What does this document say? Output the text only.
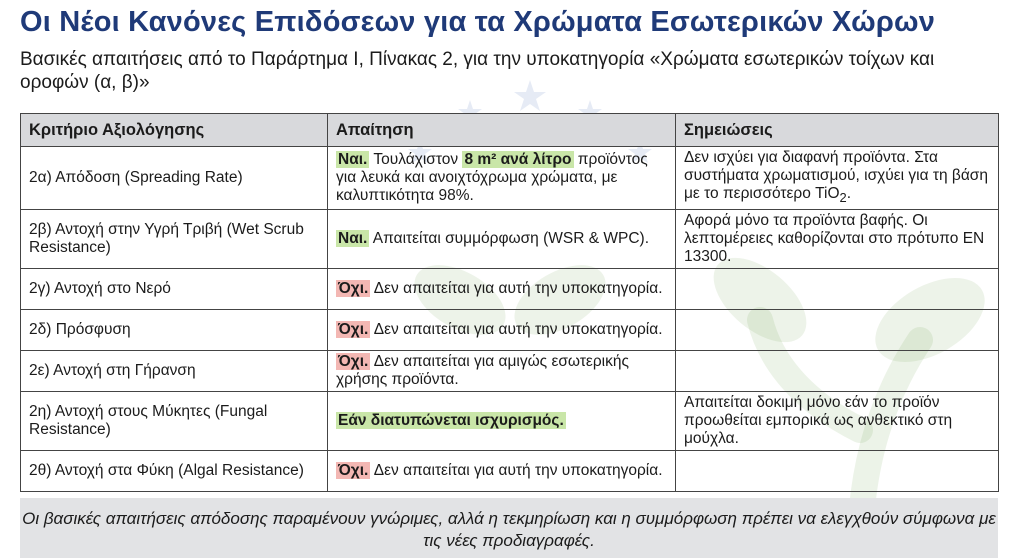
Οι Νέοι Κανόνες Επιδόσεων για τα Χρώματα Εσωτερικών Χώρων

Βασικές απαιτήσεις από το Παράρτημα Ι, Πίνακας 2, για την υποκατηγορία «Χρώματα εσωτερικών τοίχων και οροφών (α, β)»

Κριτήριο Αξιολόγησης	Απαίτηση	Σημειώσεις
2α) Απόδοση (Spreading Rate)	Ναι. Τουλάχιστον 8 m² ανά λίτρο προϊόντος για λευκά και ανοιχτόχρωμα χρώματα, με καλυπτικότητα 98%.	Δεν ισχύει για διαφανή προϊόντα. Στα συστήματα χρωματισμού, ισχύει για τη βάση με το περισσότερο TiO$_2$.
2β) Αντοχή στην Υγρή Τριβή (Wet Scrub Resistance)	Ναι. Απαιτείται συμμόρφωση (WSR & WPC).	Αφορά μόνο τα προϊόντα βαφής. Οι λεπτομέρειες καθορίζονται στο πρότυπο EN 13300.
2γ) Αντοχή στο Νερό	Όχι. Δεν απαιτείται για αυτή την υποκατηγορία.	
2δ) Πρόσφυση	Όχι. Δεν απαιτείται για αυτή την υποκατηγορία.	
2ε) Αντοχή στη Γήρανση	Όχι. Δεν απαιτείται για αμιγώς εσωτερικής χρήσης προϊόντα.	
2η) Αντοχή στους Μύκητες (Fungal Resistance)	Εάν διατυπώνεται ισχυρισμός.	Απαιτείται δοκιμή μόνο εάν το προϊόν προωθείται εμπορικά ως ανθεκτικό στη μούχλα.
2θ) Αντοχή στα Φύκη (Algal Resistance)	Όχι. Δεν απαιτείται για αυτή την υποκατηγορία.	
Οι βασικές απαιτήσεις απόδοσης παραμένουν γνώριμες, αλλά η τεκμηρίωση και η συμμόρφωση πρέπει να ελεγχθούν σύμφωνα με τις νέες προδιαγραφές.
